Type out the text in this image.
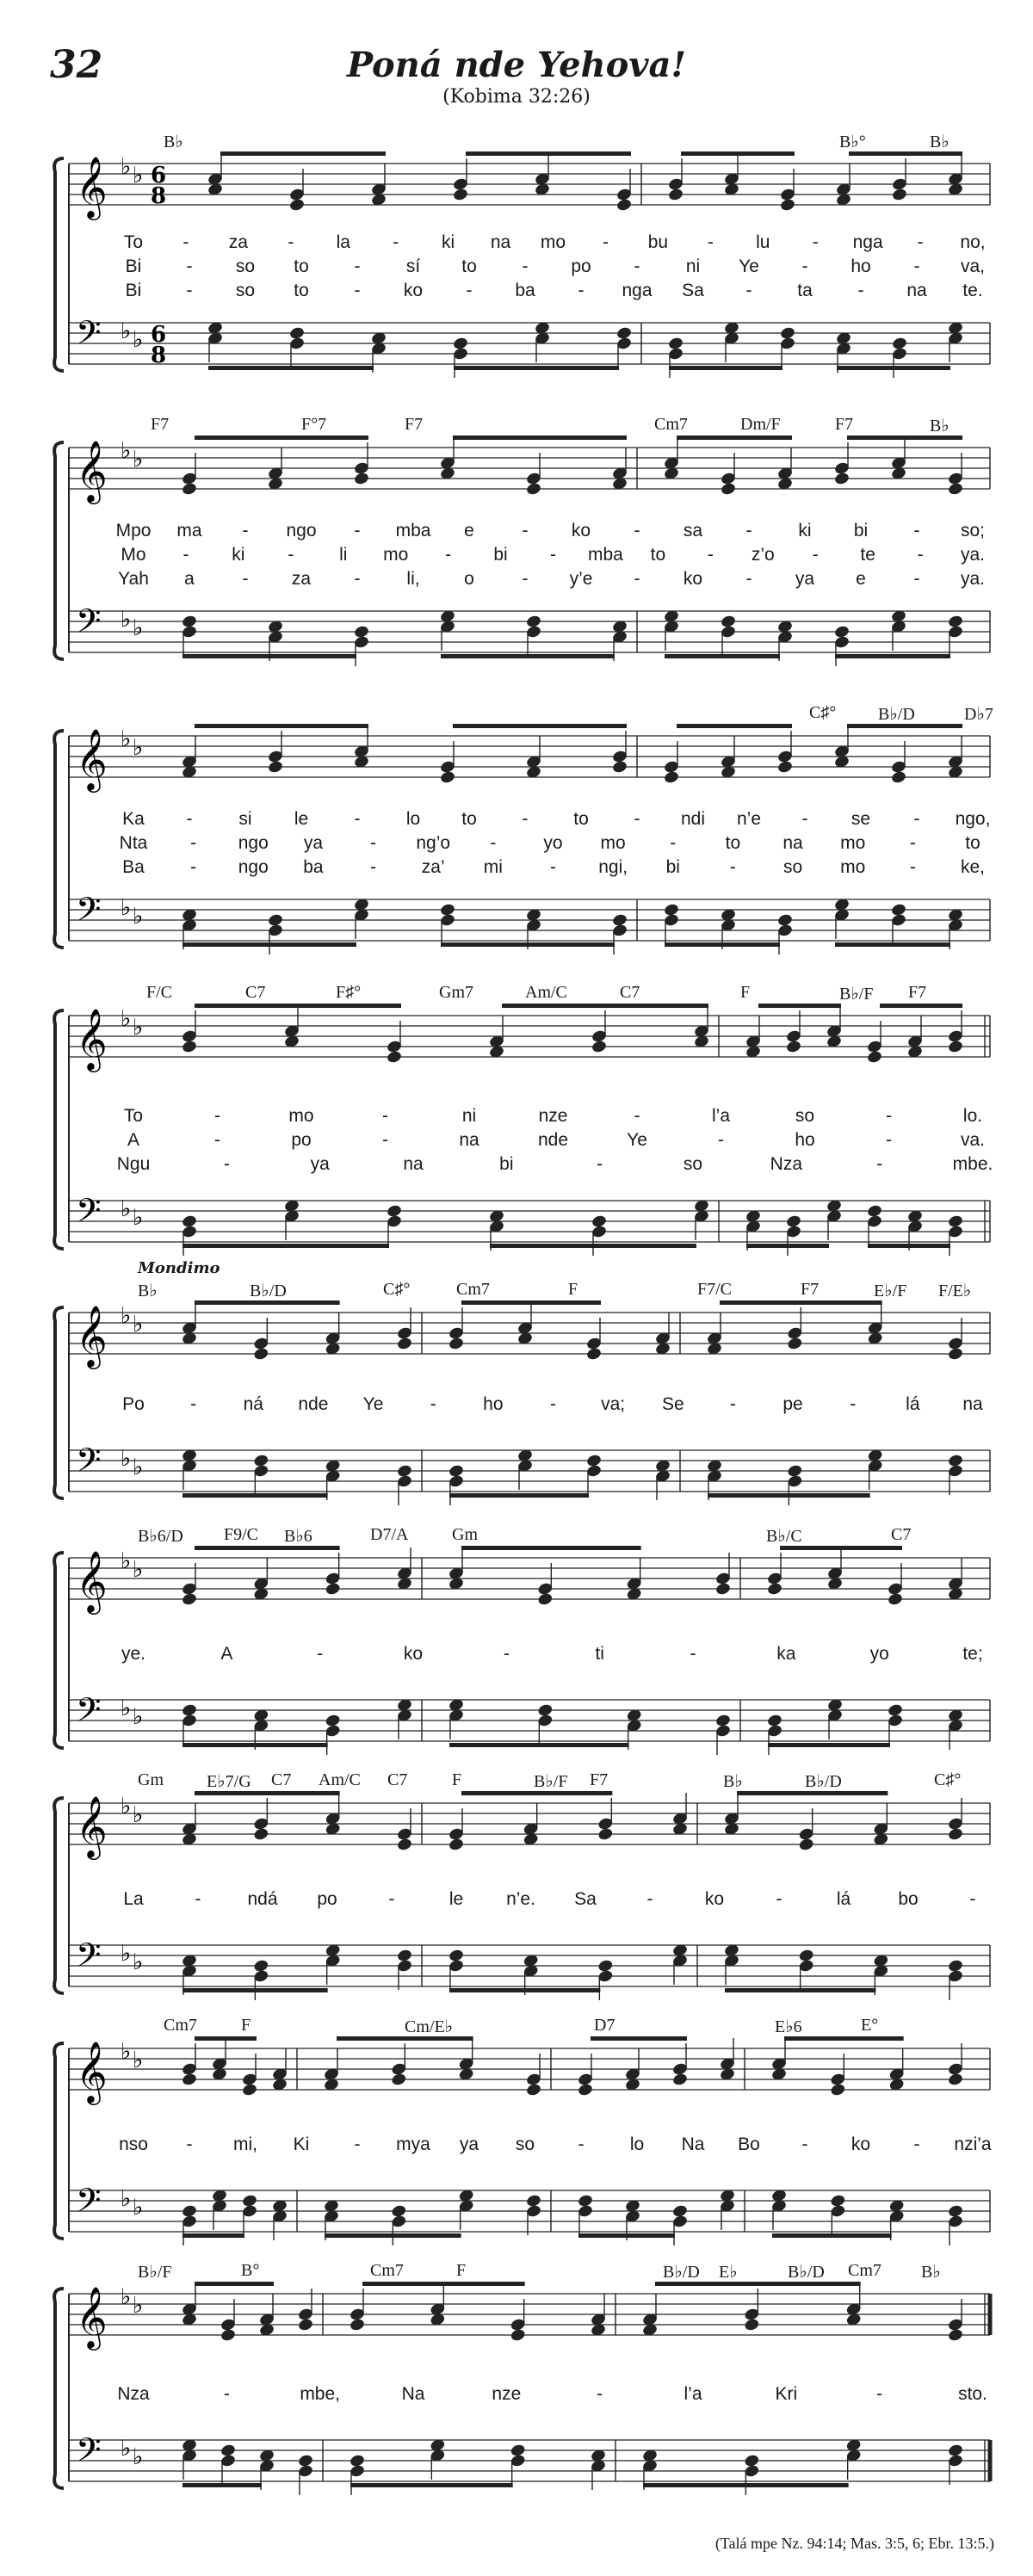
32	Poná nde Yehova!
(Kobima 32:26)
𝄞
𝄢
♭ ♭
♭ ♭
6
8
6
8
B♭	B♭°	B♭
To - za - la - ki na mo - bu - lu - nga - no,
Bi - so to	-	sí to	- po -	ni Ye - ho - va,
Bi - so to	- ko - ba - nga Sa -	ta	- na te.
𝄞
𝄢
♭ ♭
♭ ♭
F7	F°7	F7	Cm7	Dm/F	F7	B♭
Mpo ma - ngo - mba e	- ko - sa -	ki bi	- so;
Mo - ki -	li mo - bi - mba to - z’o - te - ya.
Yah a	- za -	li, o	- y’e - ko - ya e	- ya.
𝄞
𝄢
♭ ♭
♭ ♭
C♯° B♭/D	D♭7
Ka -	si le	-	lo to	-	to	- ndi n’e - se - ngo,
Nta - ngo ya	- ng’o -	yo mo -	to na mo -	to
Ba	- ngo ba	-	za’ mi	- ngi, bi	-	so mo - ke,
𝄞
𝄢
♭ ♭
♭ ♭
F/C	C7	F♯°	Gm7	Am/C	C7	F	B♭/F F7
To	-	mo	-	ni	nze	-	l’a	so	-	lo.
A	-	po	-	na	nde	Ye	-	ho	-	va.
Ngu	-	ya	na	bi	-	so	Nza	-	mbe.
𝄞
𝄢
♭ ♭
♭ ♭
Mondimo
B♭	B♭/D	C♯°	Cm7	F	F7/C	F7	E♭/F F/E♭
Po	-	ná nde Ye	-	ho	- va; Se	-	pe	-	lá na
𝄞
𝄢
♭ ♭
♭ ♭
B♭6/D F9/C B♭6	D7/A	Gm	B♭/C	C7
ye.	A	-	ko	-	ti	-	ka	yo	te;
𝄞
𝄢
♭ ♭
♭ ♭
Gm	E♭7/G C7 Am/C C7	F	B♭/F F7	B♭	B♭/D	C♯°
La	-	ndá po	-	le n’e. Sa	-	ko	-	lá	bo	-
𝄞
𝄢
♭ ♭
♭ ♭
Cm7	F	Cm/E♭	D7	E♭6	E°
nso - mi, Ki - mya ya so -	lo Na Bo - ko - nzi’a
𝄞
𝄢
♭ ♭
♭ ♭
B♭/F	B°	Cm7	F	B♭/D E♭	B♭/D Cm7 B♭
Nza	-	mbe,	Na	nze	-	l’a	Kri	-	sto.
(Talá mpe Nz. 94:14; Mas. 3:5, 6; Ebr. 13:5.)
